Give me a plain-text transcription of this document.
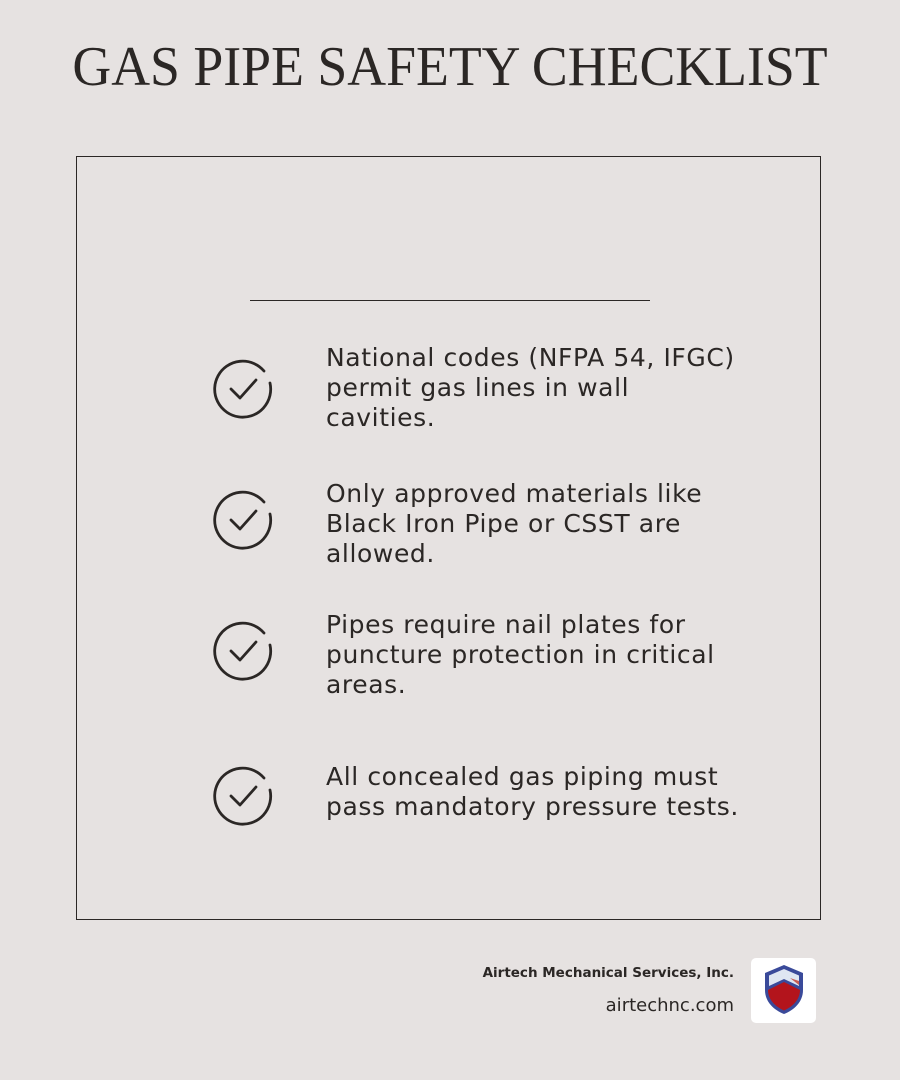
GAS PIPE SAFETY CHECKLIST
National codes (NFPA 54, IFGC) permit gas lines in wall cavities.
Only approved materials like Black Iron Pipe or CSST are allowed.
Pipes require nail plates for puncture protection in critical areas.
All concealed gas piping must pass mandatory pressure tests.
Airtech Mechanical Services, Inc.
airtechnc.com
